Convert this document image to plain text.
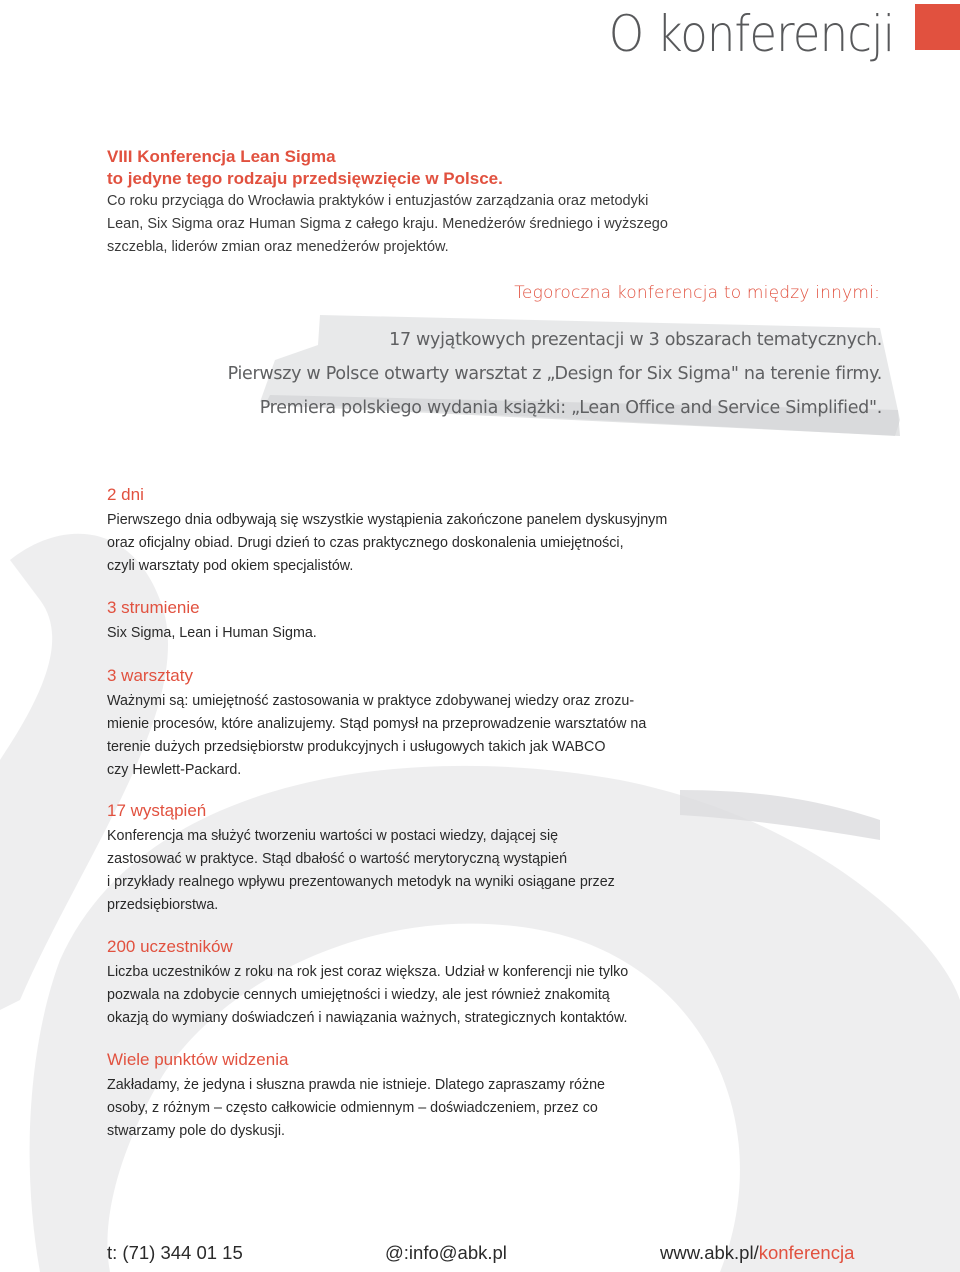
O konferencji

VIII Konferencja Lean Sigma

to jedyne tego rodzaju przedsięwzięcie w Polsce.

Co roku przyciąga do Wrocławia praktyków i entuzjastów zarządzania oraz metodyki

Lean, Six Sigma oraz Human Sigma z całego kraju. Menedżerów średniego i wyższego

szczebla, liderów zmian oraz menedżerów projektów.

Tegoroczna konferencja to między innymi:
17 wyjątkowych prezentacji w 3 obszarach tematycznych.
Pierwszy w Polsce otwarty warsztat z „Design for Six Sigma" na terenie firmy.
Premiera polskiego wydania książki: „Lean Office and Service Simplified".
2 dni

Pierwszego dnia odbywają się wszystkie wystąpienia zakończone panelem dyskusyjnym

oraz oficjalny obiad. Drugi dzień to czas praktycznego doskonalenia umiejętności,

czyli warsztaty pod okiem specjalistów.

3 strumienie

Six Sigma, Lean i Human Sigma.

3 warsztaty

Ważnymi są: umiejętność zastosowania w praktyce zdobywanej wiedzy oraz zrozu-

mienie procesów, które analizujemy. Stąd pomysł na przeprowadzenie warsztatów na

terenie dużych przedsiębiorstw produkcyjnych i usługowych takich jak WABCO

czy Hewlett-Packard.

17 wystąpień

Konferencja ma służyć tworzeniu wartości w postaci wiedzy, dającej się

zastosować w praktyce. Stąd dbałość o wartość merytoryczną wystąpień

i przykłady realnego wpływu prezentowanych metodyk na wyniki osiągane przez

przedsiębiorstwa.

200 uczestników

Liczba uczestników z roku na rok jest coraz większa. Udział w konferencji nie tylko

pozwala na zdobycie cennych umiejętności i wiedzy, ale jest również znakomitą

okazją do wymiany doświadczeń i nawiązania ważnych, strategicznych kontaktów.

Wiele punktów widzenia

Zakładamy, że jedyna i słuszna prawda nie istnieje. Dlatego zapraszamy różne

osoby, z różnym – często całkowicie odmiennym – doświadczeniem, przez co

stwarzamy pole do dyskusji.

t: (71) 344 01 15	@:info@abk.pl	www.abk.pl/konferencja
